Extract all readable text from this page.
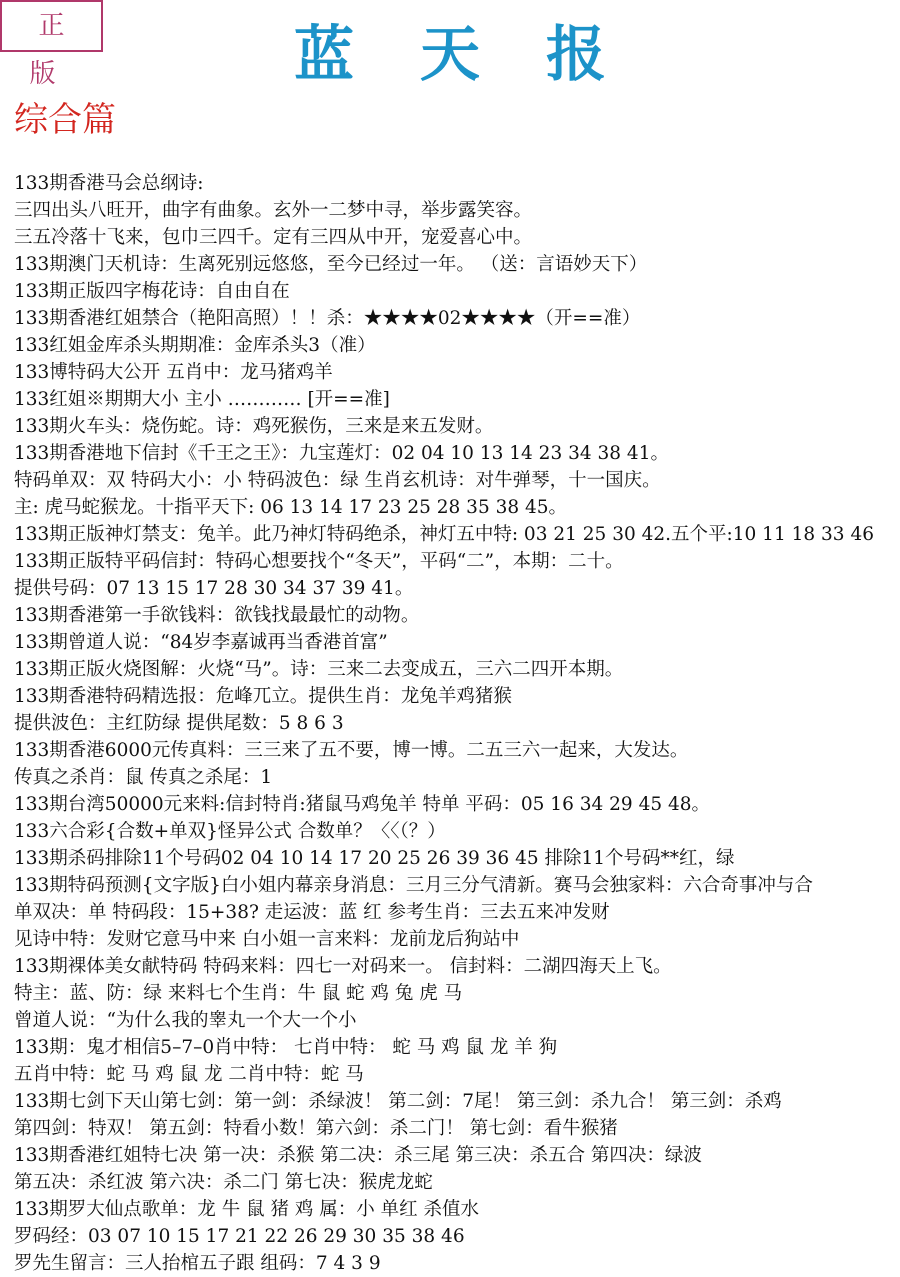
正版	蓝天报
综合篇
133期香港马会总纲诗:
三四出头八旺开，曲字有曲象。玄外一二梦中寻，举步露笑容。
三五冷落十飞来，包巾三四千。定有三四从中开，宠爱喜心中。
133期澳门天机诗：生离死别远悠悠，至今已经过一年。 （送：言语妙天下）
133期正版四字梅花诗：自由自在
133期香港红姐禁合（艳阳高照）！！杀：★★★★02★★★★（开==准）
133红姐金库杀头期期准：金库杀头3（准）
133博特码大公开 五肖中：龙马猪鸡羊
133红姐※期期大小 主小 ………… [开==准]
133期火车头：烧伤蛇。诗：鸡死猴伤，三来是来五发财。
133期香港地下信封《千王之王》：九宝莲灯：02 04 10 13 14 23 34 38 41。
特码单双：双 特码大小：小 特码波色：绿 生肖玄机诗：对牛弹琴，十一国庆。
主: 虎马蛇猴龙。十指平天下: 06 13 14 17 23 25 28 35 38 45。
133期正版神灯禁支：兔羊。此乃神灯特码绝杀，神灯五中特: 03 21 25 30 42.五个平:10 11 18 33 46
133期正版特平码信封：特码心想要找个“冬天”，平码“二”，本期：二十。
提供号码：07 13 15 17 28 30 34 37 39 41。
133期香港第一手欲钱料：欲钱找最最忙的动物。
133期曾道人说：“84岁李嘉诚再当香港首富”
133期正版火烧图解：火烧“马”。诗：三来二去变成五，三六二四开本期。
133期香港特码精选报：危峰兀立。提供生肖：龙兔羊鸡猪猴
提供波色：主红防绿 提供尾数：5 8 6 3
133期香港6000元传真料：三三来了五不要，博一博。二五三六一起来，大发达。
传真之杀肖：鼠 传真之杀尾：1
133期台湾50000元来料:信封特肖:猪鼠马鸡兔羊 特单 平码：05 16 34 29 45 48。
133六合彩{合数+单双}怪异公式 合数单？〈〈（？）
133期杀码排除11个号码02 04 10 14 17 20 25 26 39 36 45 排除11个号码**红，绿
133期特码预测{文字版}白小姐内幕亲身消息：三月三分气清新。赛马会独家料：六合奇事冲与合
单双决：单 特码段：15+38? 走运波：蓝 红 参考生肖：三去五来冲发财
见诗中特：发财它意马中来 白小姐一言来料：龙前龙后狗站中
133期裸体美女献特码 特码来料：四七一对码来一。 信封料：二湖四海天上飞。
特主：蓝、防：绿 来料七个生肖：牛 鼠 蛇 鸡 兔 虎 马
曾道人说：“为什么我的睾丸一个大一个小
133期：鬼才相信5–7–0肖中特： 七肖中特： 蛇 马 鸡 鼠 龙 羊 狗
五肖中特：蛇 马 鸡 鼠 龙 二肖中特：蛇 马
133期七剑下天山第七剑：第一剑：杀绿波！ 第二剑：7尾！ 第三剑：杀九合！ 第三剑：杀鸡
第四剑：特双！ 第五剑：特看小数！第六剑：杀二门！ 第七剑：看牛猴猪
133期香港红姐特七决 第一决：杀猴 第二决：杀三尾 第三决：杀五合 第四决：绿波
第五决：杀红波 第六决：杀二门 第七决：猴虎龙蛇
133期罗大仙点歌单：龙 牛 鼠 猪 鸡 属：小 单红 杀值水
罗码经：03 07 10 15 17 21 22 26 29 30 35 38 46
罗先生留言：三人抬棺五子跟 组码：7 4 3 9
